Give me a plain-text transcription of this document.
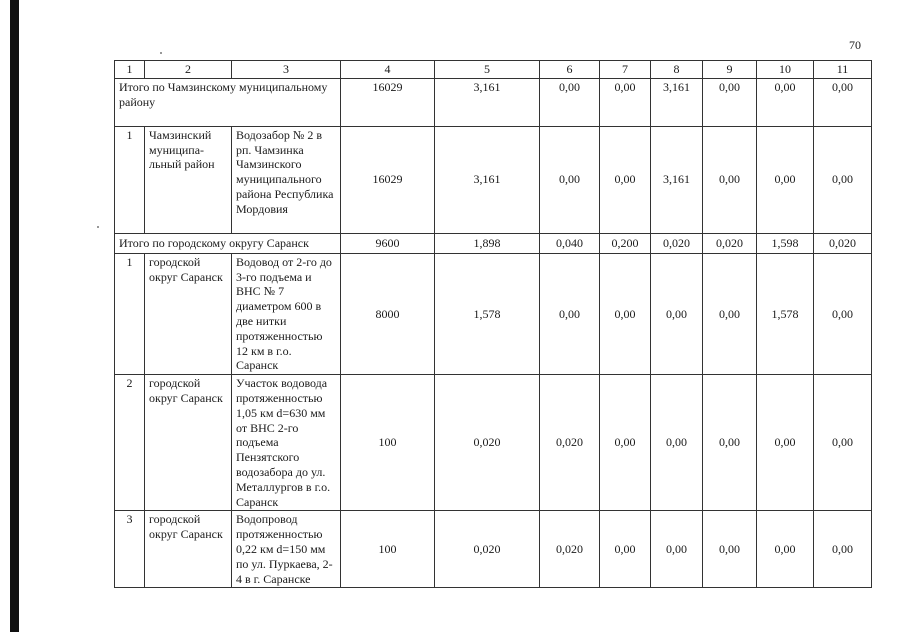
70
1	2	3	4	5	6	7	8	9	10	11
Итого по Чамзинскому муниципальному району			16029	3,161	0,00	0,00	3,161	0,00	0,00	0,00
1	Чамзинский муниципа-льный район	Водозабор № 2 в рп. Чамзинка Чамзинского муниципального района Республика Мордовия	16029	3,161	0,00	0,00	3,161	0,00	0,00	0,00
Итого по городскому округу Саранск			9600	1,898	0,040	0,200	0,020	0,020	1,598	0,020
1	городской округ Саранск	Водовод от 2-го до 3-го подъема и ВНС № 7 диаметром 600 в две нитки протяженностью 12 км в г.о. Саранск	8000	1,578	0,00	0,00	0,00	0,00	1,578	0,00
2	городской округ Саранск	Участок водовода протяженностью 1,05 км d=630 мм от ВНС 2-го подъема Пензятского водозабора до ул. Металлургов в г.о. Саранск	100	0,020	0,020	0,00	0,00	0,00	0,00	0,00
3	городской округ Саранск	Водопровод протяженностью 0,22 км d=150 мм по ул. Пуркаева, 2-4 в г. Саранске	100	0,020	0,020	0,00	0,00	0,00	0,00	0,00
